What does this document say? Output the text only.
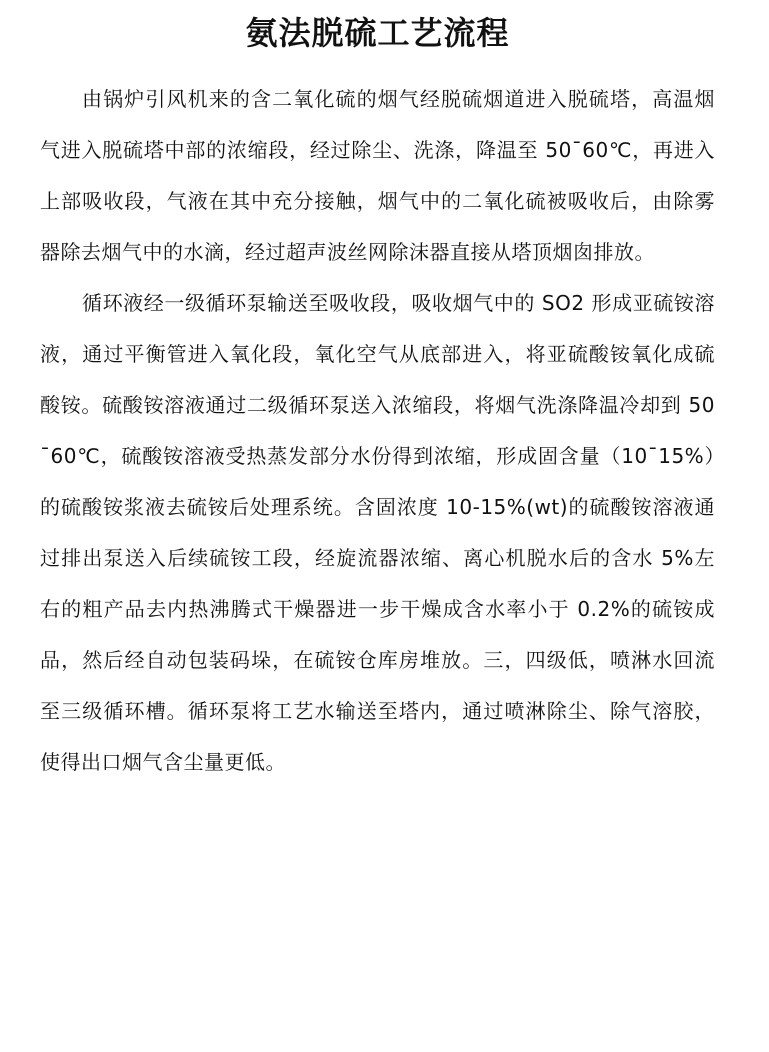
氨法脱硫工艺流程

由锅炉引风机来的含二氧化硫的烟气经脱硫烟道进入脱硫塔，高温烟气进入脱硫塔中部的浓缩段，经过除尘、洗涤，降温至 50¯60℃，再进入上部吸收段，气液在其中充分接触，烟气中的二氧化硫被吸收后，由除雾器除去烟气中的水滴，经过超声波丝网除沫器直接从塔顶烟囱排放。

循环液经一级循环泵输送至吸收段，吸收烟气中的 SO2 形成亚硫铵溶液，通过平衡管进入氧化段，氧化空气从底部进入，将亚硫酸铵氧化成硫酸铵。硫酸铵溶液通过二级循环泵送入浓缩段，将烟气洗涤降温冷却到 50¯60℃，硫酸铵溶液受热蒸发部分水份得到浓缩，形成固含量（10¯15%）的硫酸铵浆液去硫铵后处理系统。含固浓度 10-15%(wt)的硫酸铵溶液通过排出泵送入后续硫铵工段，经旋流器浓缩、离心机脱水后的含水 5%左右的粗产品去内热沸腾式干燥器进一步干燥成含水率小于 0.2%的硫铵成品，然后经自动包装码垛，在硫铵仓库房堆放。三，四级低，喷淋水回流至三级循环槽。循环泵将工艺水输送至塔内，通过喷淋除尘、除气溶胶，使得出口烟气含尘量更低。
